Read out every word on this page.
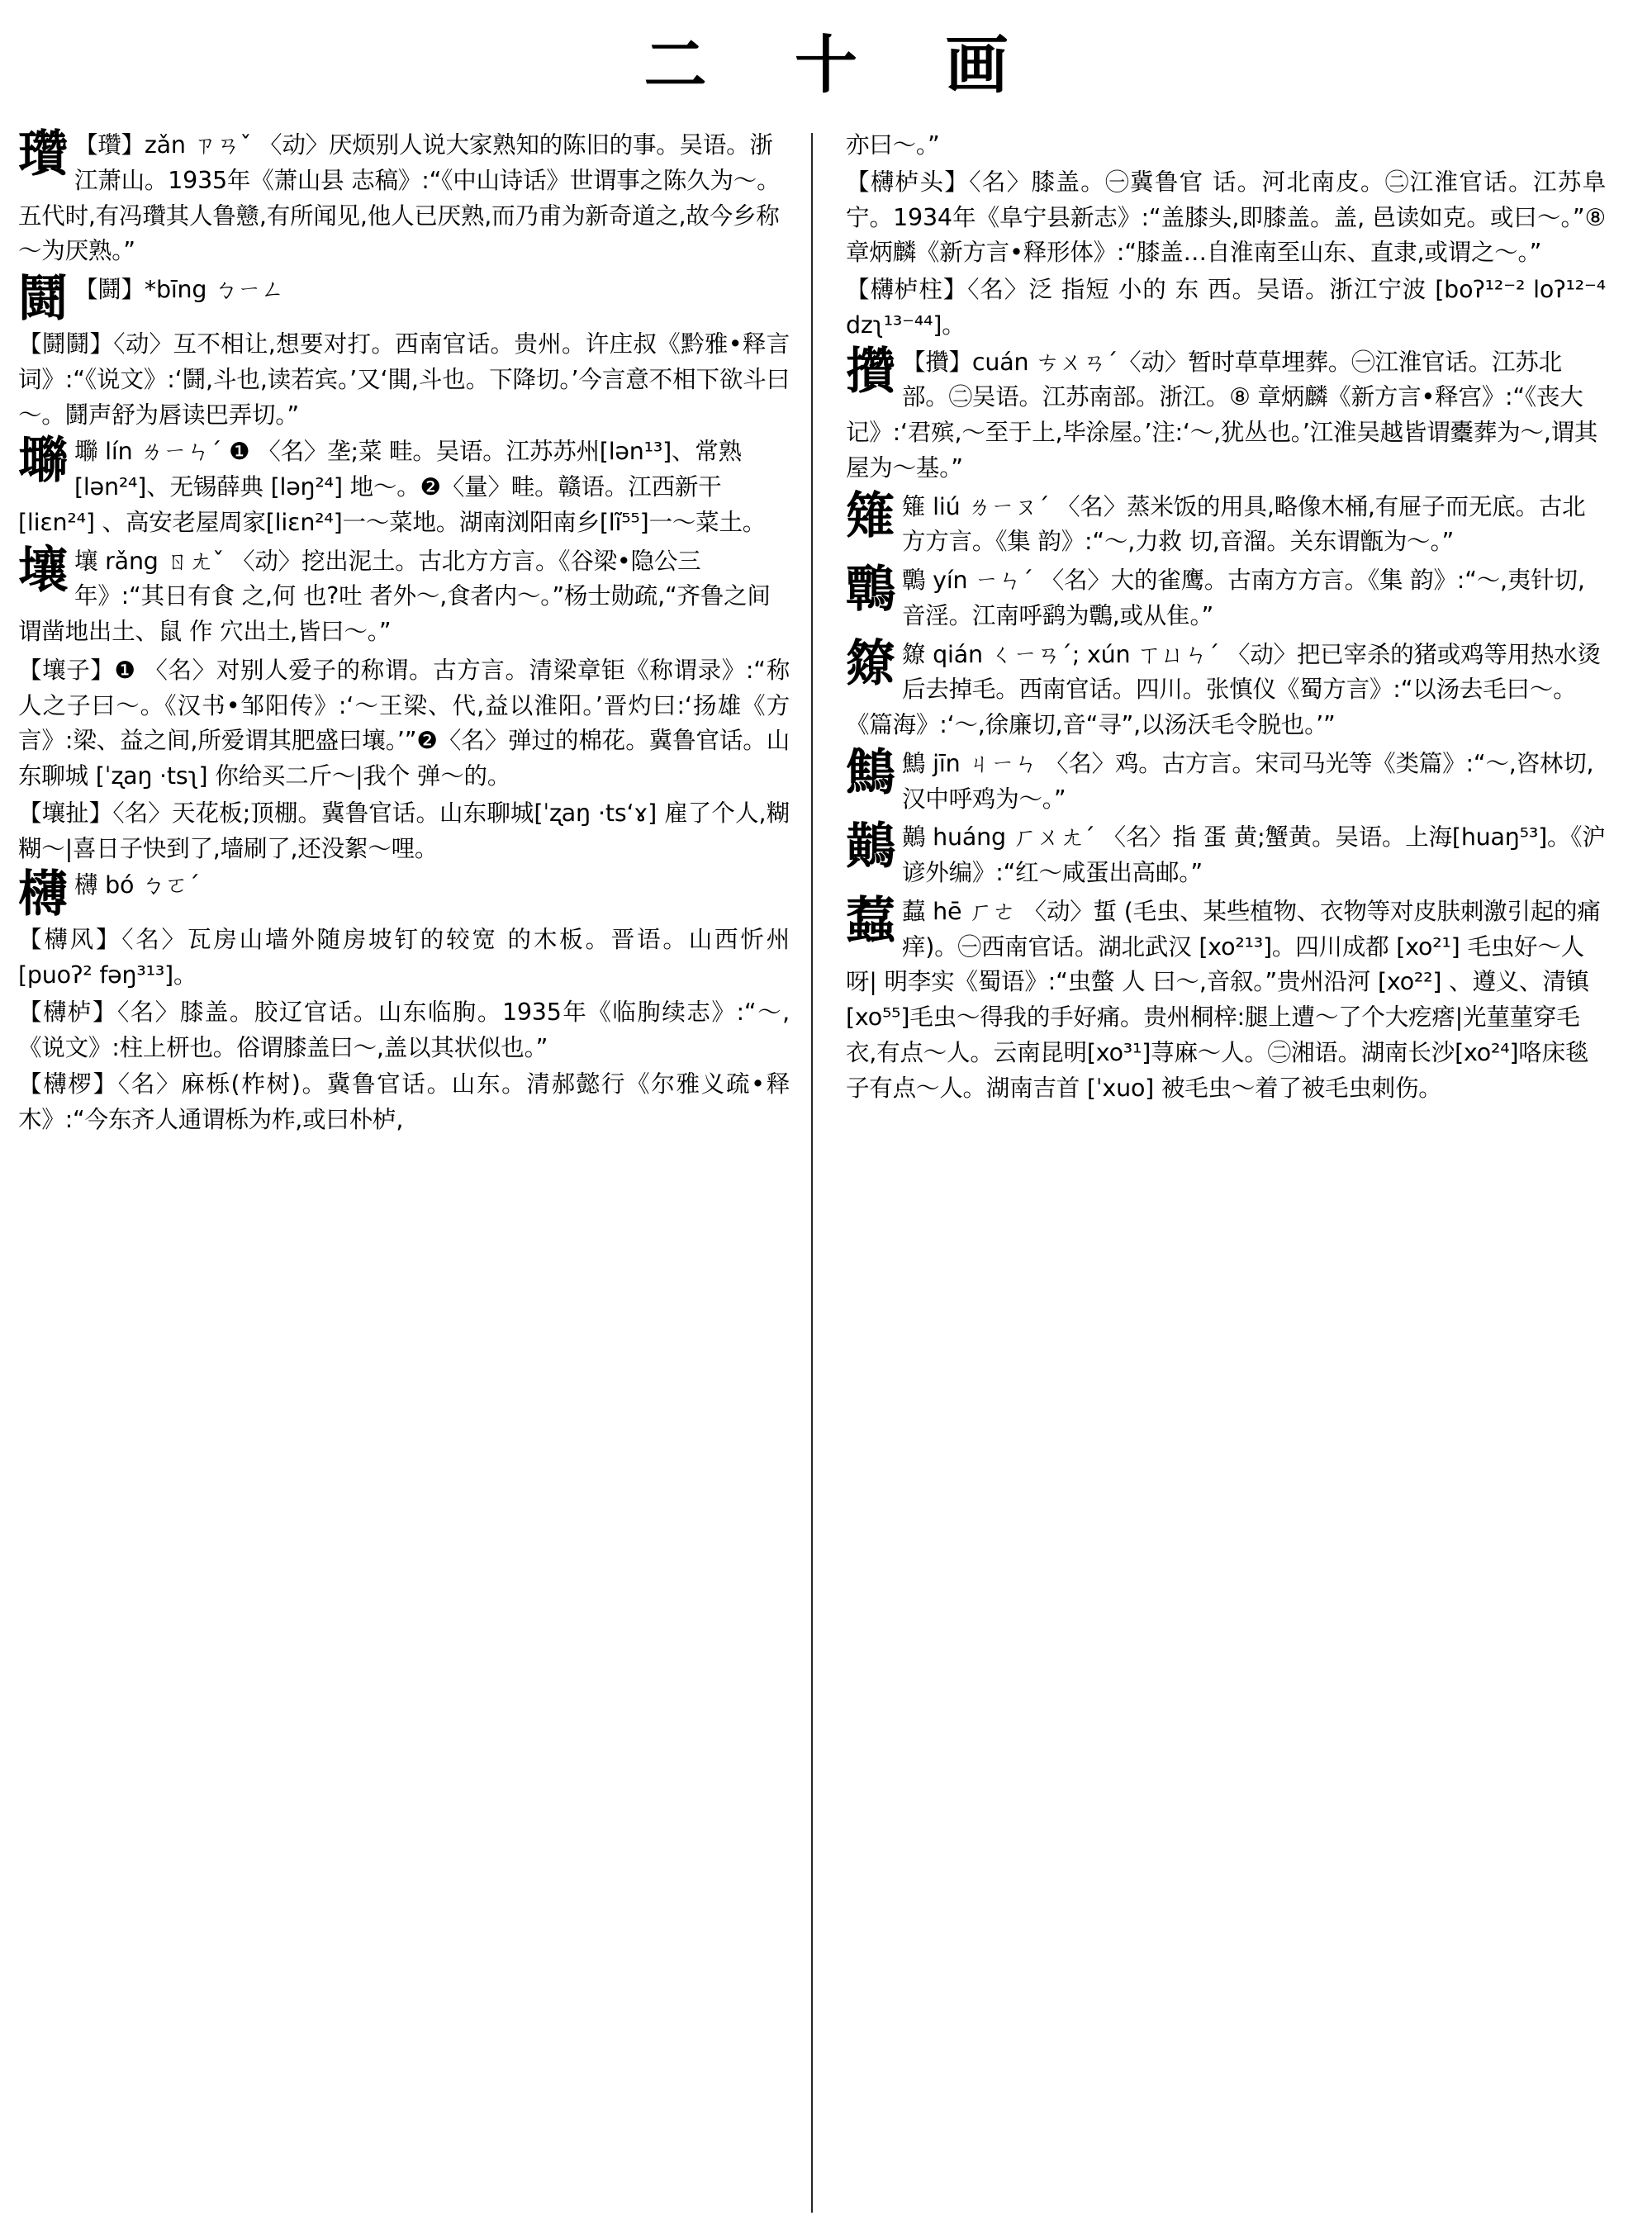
二 十 画
瓚 【瓚】zǎn ㄗㄢˇ 〈动〉厌烦别人说大家熟知的陈旧的事。吴语。浙江萧山。1935年《萧山县 志稿》:“《中山诗话》世谓事之陈久为～。五代时,有冯瓚其人鲁戆,有所闻见,他人已厌熟,而乃甫为新奇道之,故今乡称～为厌熟。”
鬪 【鬪】*bīng ㄅㄧㄥ
【鬪鬪】〈动〉互不相让,想要对打。西南官话。贵州。许庄叔《黔雅•释言词》:“《说文》:‘鬪,斗也,读若宾。’又‘閧,斗也。下降切。’今言意不相下欲斗曰～。鬪声舒为唇读巴弄切。”
壣 壣 lín ㄌㄧㄣˊ ❶ 〈名〉垄;菜 畦。吴语。江苏苏州[lən¹³]、常熟[lən²⁴]、无锡薛典 [ləŋ²⁴] 地～。❷〈量〉畦。赣语。江西新干 [liɛn²⁴] 、高安老屋周家[liɛn²⁴]一～菜地。湖南浏阳南乡[lĩ⁵⁵]一～菜土。
壤 壤 rǎng ㄖㄤˇ 〈动〉挖出泥土。古北方方言。《谷梁•隐公三年》:“其日有食 之,何 也?吐 者外～,食者内～。”杨士勋疏,“齐鲁之间谓凿地出土、鼠 作 穴出土,皆曰～。”
【壤子】❶ 〈名〉对别人爱子的称谓。古方言。清梁章钜《称谓录》:“称人之子曰～。《汉书•邹阳传》:‘～王梁、代,益以淮阳。’晋灼曰:‘扬雄《方言》:梁、益之间,所爱谓其肥盛曰壤。’”❷〈名〉弹过的棉花。冀鲁官话。山东聊城 [ˈʐaŋ ·tsʅ] 你给买二斤～|我个 弹～的。
【壤扯】〈名〉天花板;顶棚。冀鲁官话。山东聊城[ˈʐaŋ ·tsʻɤ] 雇了个人,糊糊～|喜日子快到了,墙刷了,还没絮～哩。
欂 欂 bó ㄅㄛˊ
【欂风】〈名〉瓦房山墙外随房坡钉的较宽 的木板。晋语。山西忻州 [puoʔ² fəŋ³¹³]。
【欂栌】〈名〉膝盖。胶辽官话。山东临朐。1935年《临朐续志》:“～,《说文》:柱上枅也。俗谓膝盖曰～,盖以其状似也。”
【欂椤】〈名〉麻栎(柞树)。冀鲁官话。山东。清郝懿行《尔雅义疏•释木》:“今东齐人通谓栎为柞,或曰朴栌,
亦曰～。”
【欂栌头】〈名〉膝盖。㊀冀鲁官 话。河北南皮。㊁江淮官话。江苏阜宁。1934年《阜宁县新志》:“盖膝头,即膝盖。盖, 邑读如克。或曰～。”⑧章炳麟《新方言•释形体》:“膝盖…自淮南至山东、直隶,或谓之～。”
【欂栌柱】〈名〉泛 指短 小的 东 西。吴语。浙江宁波 [boʔ¹²⁻² loʔ¹²⁻⁴ dzʅ¹³⁻⁴⁴]。
攢 【攢】cuán ㄘㄨㄢˊ〈动〉暂时草草埋葬。㊀江淮官话。江苏北部。㊁吴语。江苏南部。浙江。⑧ 章炳麟《新方言•释宫》:“《丧大记》:‘君殡,～至于上,毕涂屋。’注:‘～,犹丛也。’江淮吴越皆谓櫜葬为～,谓其屋为～基。”
䉜 䉜 liú ㄌㄧㄡˊ 〈名〉蒸米饭的用具,略像木桶,有屉子而无底。古北方方言。《集 韵》:“～,力救 切,音溜。关东谓甑为～。”
鷣 鷣 yín ㄧㄣˊ 〈名〉大的雀鹰。古南方方言。《集 韵》:“～,夷针切,音淫。江南呼鹞为鷣,或从隹。”
爒 爒 qián ㄑㄧㄢˊ; xún ㄒㄩㄣˊ 〈动〉把已宰杀的猪或鸡等用热水烫后去掉毛。西南官话。四川。张慎仪《蜀方言》:“以汤去毛曰～。《篇海》:‘～,徐廉切,音“寻”,以汤沃毛令脱也。’”
鷦 鷦 jīn ㄐㄧㄣ 〈名〉鸡。古方言。宋司马光等《类篇》:“～,咨林切,汉中呼鸡为～。”
鷬 鷬 huáng ㄏㄨㄤˊ 〈名〉指 蛋 黄;蟹黄。吴语。上海[huaŋ⁵³]。《沪谚外编》:“红～咸蛋出高邮。”
蠚 蠚 hē ㄏㄜ 〈动〉蜇 (毛虫、某些植物、衣物等对皮肤刺激引起的痛痒)。㊀西南官话。湖北武汉 [xo²¹³]。四川成都 [xo²¹] 毛虫好～人呀| 明李实《蜀语》:“虫螫 人 曰～,音叙。”贵州沿河 [xo²²] 、遵义、清镇[xo⁵⁵]毛虫～得我的手好痛。贵州桐梓:腿上遭～了个大疙瘩|光菫菫穿毛衣,有点～人。云南昆明[xo³¹]荨麻～人。㊁湘语。湖南长沙[xo²⁴]咯床毯子有点～人。湖南吉首 [ˈxuo] 被毛虫～着了被毛虫刺伤。
